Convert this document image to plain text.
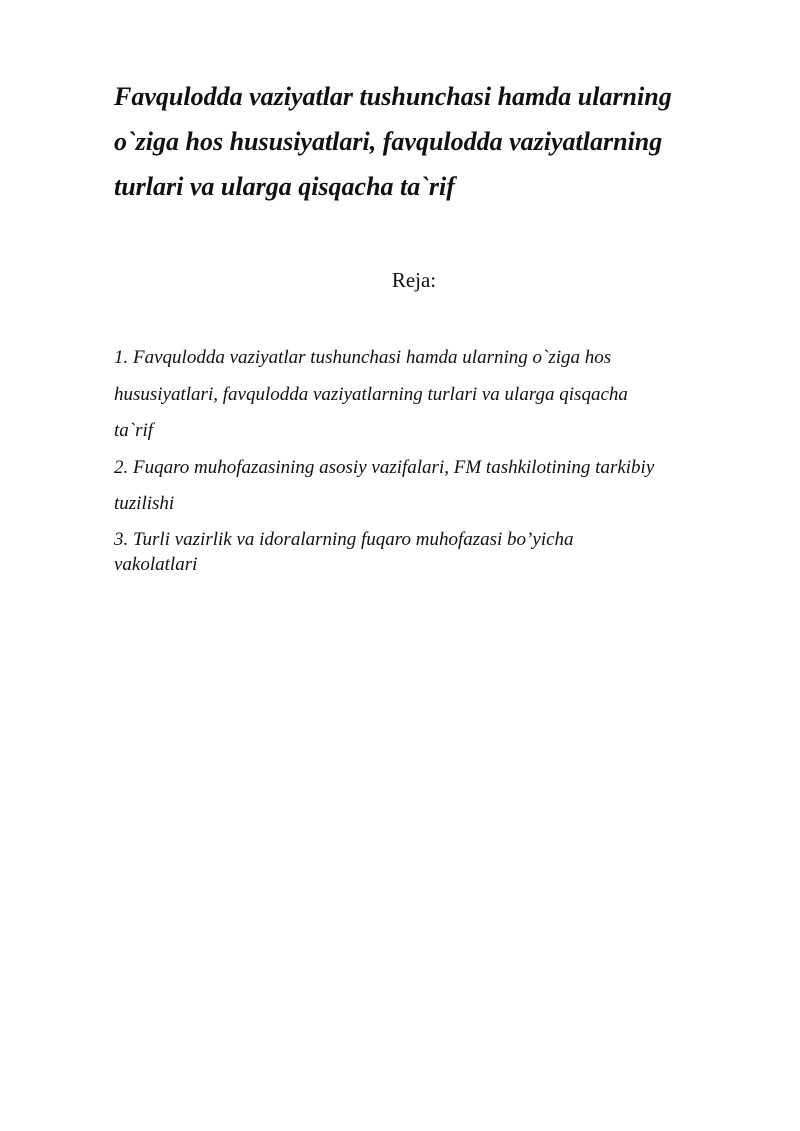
Favqulodda vaziyatlar tushunchasi hamda ularning
o`ziga hos hususiyatlari, favqulodda vaziyatlarning
turlari va ularga qisqacha ta`rif

Reja:

1. Favqulodda vaziyatlar tushunchasi hamda ularning o`ziga hos
hususiyatlari, favqulodda vaziyatlarning turlari va ularga qisqacha
ta`rif
2. Fuqaro muhofazasining asosiy vazifalari, FM tashkilotining tarkibiy
tuzilishi
3. Turli vazirlik va idoralarning fuqaro muhofazasi bo’yicha
vakolatlari
